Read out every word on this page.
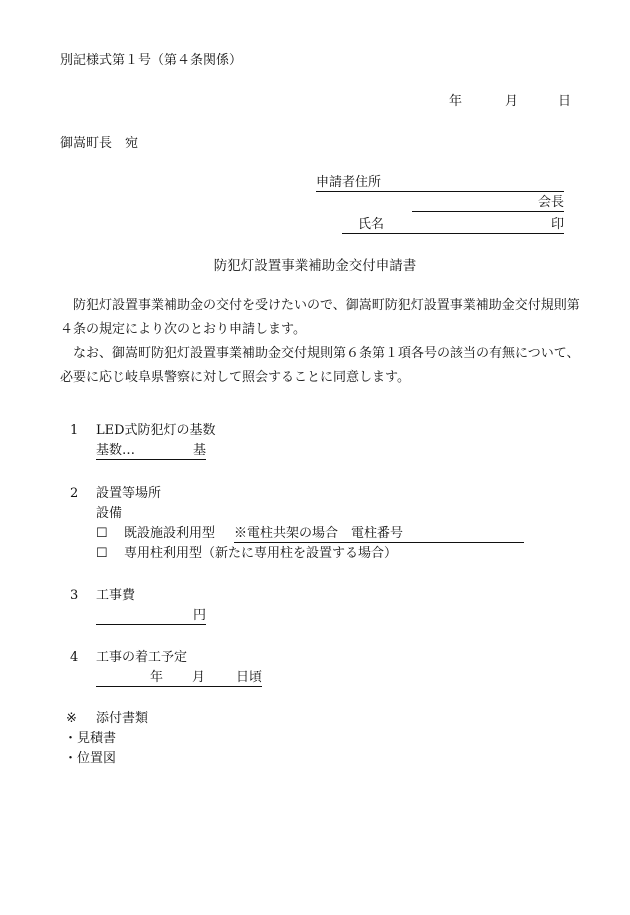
別記様式第１号（第４条関係）
年	月	日
御嵩町長　宛
申請者住所
会長
氏名	印
防犯灯設置事業補助金交付申請書

防犯灯設置事業補助金の交付を受けたいので、御嵩町防犯灯設置事業補助金交付規則第４条の規定により次のとおり申請します。

なお、御嵩町防犯灯設置事業補助金交付規則第６条第１項各号の該当の有無について、必要に応じ岐阜県警察に対して照会することに同意します。

1 LED式防犯灯の基数
基数…	基
2 設置等場所
設備
☐ 既設施設利用型 ※電柱共架の場合　電柱番号
☐ 専用柱利用型（新たに専用柱を設置する場合）
3 工事費
円
4 工事の着工予定
年 月 日頃

※ 添付書類
・見積書
・位置図
